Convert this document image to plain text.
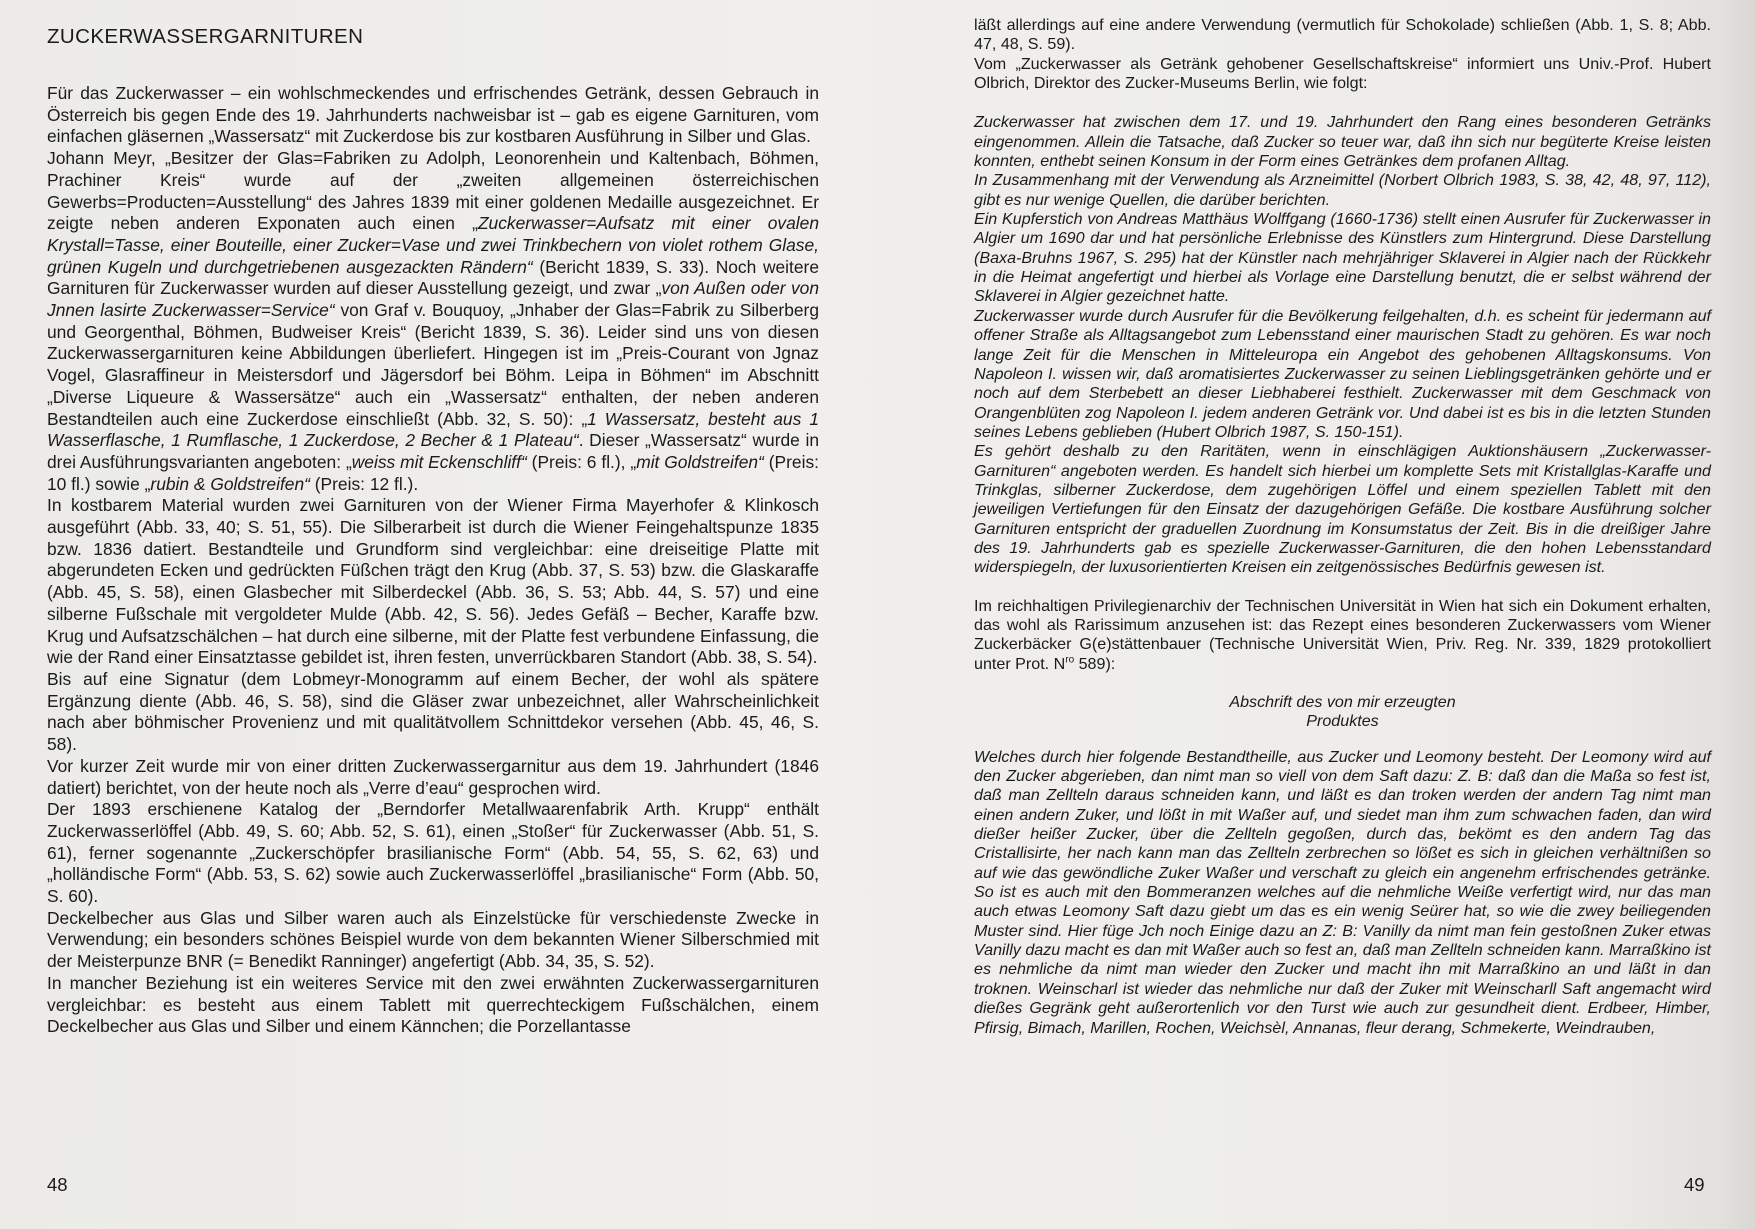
ZUCKERWASSERGARNITUREN

Für das Zuckerwasser – ein wohlschmeckendes und erfrischendes Getränk, dessen Gebrauch in Österreich bis gegen Ende des 19. Jahrhunderts nachweisbar ist – gab es eigene Garnituren, vom einfachen gläsernen „Wassersatz“ mit Zuckerdose bis zur kostbaren Ausführung in Silber und Glas.

Johann Meyr, „Besitzer der Glas=Fabriken zu Adolph, Leonorenhein und Kaltenbach, Böhmen, Prachiner Kreis“ wurde auf der „zweiten allgemeinen österreichischen Gewerbs=Producten=Ausstellung“ des Jahres 1839 mit einer goldenen Medaille ausgezeichnet. Er zeigte neben anderen Exponaten auch einen „Zuckerwasser=Aufsatz mit einer ovalen Krystall=Tasse, einer Bouteille, einer Zucker=Vase und zwei Trinkbechern von violet rothem Glase, grünen Kugeln und durchgetriebenen ausgezackten Rändern“ (Bericht 1839, S. 33). Noch weitere Garnituren für Zuckerwasser wurden auf dieser Ausstellung gezeigt, und zwar „von Außen oder von Jnnen lasirte Zuckerwasser=Service“ von Graf v. Bouquoy, „Jnhaber der Glas=Fabrik zu Silberberg und Georgenthal, Böhmen, Budweiser Kreis“ (Bericht 1839, S. 36). Leider sind uns von diesen Zuckerwassergarnituren keine Abbildungen überliefert. Hingegen ist im „Preis-Courant von Jgnaz Vogel, Glasraffineur in Meistersdorf und Jägersdorf bei Böhm. Leipa in Böhmen“ im Abschnitt „Diverse Liqueure & Wassersätze“ auch ein „Wassersatz“ enthalten, der neben anderen Bestandteilen auch eine Zuckerdose einschließt (Abb. 32, S. 50): „1 Wassersatz, besteht aus 1 Wasserflasche, 1 Rumflasche, 1 Zuckerdose, 2 Becher & 1 Plateau“. Dieser „Wassersatz“ wurde in drei Ausführungsvarianten angeboten: „weiss mit Eckenschliff“ (Preis: 6 fl.), „mit Goldstreifen“ (Preis: 10 fl.) sowie „rubin & Goldstreifen“ (Preis: 12 fl.).

In kostbarem Material wurden zwei Garnituren von der Wiener Firma Mayerhofer & Klinkosch ausgeführt (Abb. 33, 40; S. 51, 55). Die Silberarbeit ist durch die Wiener Feingehaltspunze 1835 bzw. 1836 datiert. Bestandteile und Grundform sind vergleichbar: eine dreiseitige Platte mit abgerundeten Ecken und gedrückten Füßchen trägt den Krug (Abb. 37, S. 53) bzw. die Glaskaraffe (Abb. 45, S. 58), einen Glasbecher mit Silberdeckel (Abb. 36, S. 53; Abb. 44, S. 57) und eine silberne Fußschale mit vergoldeter Mulde (Abb. 42, S. 56). Jedes Gefäß – Becher, Karaffe bzw. Krug und Aufsatzschälchen – hat durch eine silberne, mit der Platte fest verbundene Einfassung, die wie der Rand einer Einsatztasse gebildet ist, ihren festen, unverrückbaren Standort (Abb. 38, S. 54).

Bis auf eine Signatur (dem Lobmeyr-Monogramm auf einem Becher, der wohl als spätere Ergänzung diente (Abb. 46, S. 58), sind die Gläser zwar unbezeichnet, aller Wahrscheinlichkeit nach aber böhmischer Provenienz und mit qualitätvollem Schnittdekor versehen (Abb. 45, 46, S. 58).

Vor kurzer Zeit wurde mir von einer dritten Zuckerwassergarnitur aus dem 19. Jahrhundert (1846 datiert) berichtet, von der heute noch als „Verre d’eau“ gesprochen wird.

Der 1893 erschienene Katalog der „Berndorfer Metallwaarenfabrik Arth. Krupp“ enthält Zuckerwasserlöffel (Abb. 49, S. 60; Abb. 52, S. 61), einen „Stoßer“ für Zuckerwasser (Abb. 51, S. 61), ferner sogenannte „Zuckerschöpfer brasilianische Form“ (Abb. 54, 55, S. 62, 63) und „holländische Form“ (Abb. 53, S. 62) sowie auch Zuckerwasserlöffel „brasilianische“ Form (Abb. 50, S. 60).

Deckelbecher aus Glas und Silber waren auch als Einzelstücke für verschiedenste Zwecke in Verwendung; ein besonders schönes Beispiel wurde von dem bekannten Wiener Silberschmied mit der Meisterpunze BNR (= Benedikt Ranninger) angefertigt (Abb. 34, 35, S. 52).

In mancher Beziehung ist ein weiteres Service mit den zwei erwähnten Zuckerwassergarnituren vergleichbar: es besteht aus einem Tablett mit querrechteckigem Fußschälchen, einem Deckelbecher aus Glas und Silber und einem Kännchen; die Porzellantasse

läßt allerdings auf eine andere Verwendung (vermutlich für Schokolade) schließen (Abb. 1, S. 8; Abb. 47, 48, S. 59).

Vom „Zuckerwasser als Getränk gehobener Gesellschaftskreise“ informiert uns Univ.-Prof. Hubert Olbrich, Direktor des Zucker-Museums Berlin, wie folgt:

Zuckerwasser hat zwischen dem 17. und 19. Jahrhundert den Rang eines besonderen Getränks eingenommen. Allein die Tatsache, daß Zucker so teuer war, daß ihn sich nur begüterte Kreise leisten konnten, enthebt seinen Konsum in der Form eines Getränkes dem profanen Alltag.

In Zusammenhang mit der Verwendung als Arzneimittel (Norbert Olbrich 1983, S. 38, 42, 48, 97, 112), gibt es nur wenige Quellen, die darüber berichten.

Ein Kupferstich von Andreas Matthäus Wolffgang (1660-1736) stellt einen Ausrufer für Zuckerwasser in Algier um 1690 dar und hat persönliche Erlebnisse des Künstlers zum Hintergrund. Diese Darstellung (Baxa-Bruhns 1967, S. 295) hat der Künstler nach mehrjähriger Sklaverei in Algier nach der Rückkehr in die Heimat angefertigt und hierbei als Vorlage eine Darstellung benutzt, die er selbst während der Sklaverei in Algier gezeichnet hatte.

Zuckerwasser wurde durch Ausrufer für die Bevölkerung feilgehalten, d.h. es scheint für jedermann auf offener Straße als Alltagsangebot zum Lebensstand einer maurischen Stadt zu gehören. Es war noch lange Zeit für die Menschen in Mitteleuropa ein Angebot des gehobenen Alltagskonsums. Von Napoleon I. wissen wir, daß aromatisiertes Zuckerwasser zu seinen Lieblingsgetränken gehörte und er noch auf dem Sterbebett an dieser Liebhaberei festhielt. Zuckerwasser mit dem Geschmack von Orangenblüten zog Napoleon I. jedem anderen Getränk vor. Und dabei ist es bis in die letzten Stunden seines Lebens geblieben (Hubert Olbrich 1987, S. 150-151).

Es gehört deshalb zu den Raritäten, wenn in einschlägigen Auktionshäusern „Zuckerwasser-Garnituren“ angeboten werden. Es handelt sich hierbei um komplette Sets mit Kristallglas-Karaffe und Trinkglas, silberner Zuckerdose, dem zugehörigen Löffel und einem speziellen Tablett mit den jeweiligen Vertiefungen für den Einsatz der dazugehörigen Gefäße. Die kostbare Ausführung solcher Garnituren entspricht der graduellen Zuordnung im Konsumstatus der Zeit. Bis in die dreißiger Jahre des 19. Jahrhunderts gab es spezielle Zuckerwasser-Garnituren, die den hohen Lebensstandard widerspiegeln, der luxusorientierten Kreisen ein zeitgenössisches Bedürfnis gewesen ist.

Im reichhaltigen Privilegienarchiv der Technischen Universität in Wien hat sich ein Dokument erhalten, das wohl als Rarissimum anzusehen ist: das Rezept eines besonderen Zuckerwassers vom Wiener Zuckerbäcker G(e)stättenbauer (Technische Universität Wien, Priv. Reg. Nr. 339, 1829 protokolliert unter Prot. $N^{ro}$ 589):

Abschrift des von mir erzeugten

Produktes

Welches durch hier folgende Bestandtheille, aus Zucker und Leomony besteht. Der Leomony wird auf den Zucker abgerieben, dan nimt man so viell von dem Saft dazu: Z. B: daß dan die Maßa so fest ist, daß man Zellteln daraus schneiden kann, und läßt es dan troken werden der andern Tag nimt man einen andern Zuker, und lößt in mit Waßer auf, und siedet man ihm zum schwachen faden, dan wird dießer heißer Zucker, über die Zellteln gegoßen, durch das, bekömt es den andern Tag das Cristallisirte, her nach kann man das Zellteln zerbrechen so lößet es sich in gleichen verhältnißen so auf wie das gewöndliche Zuker Waßer und verschaft zu gleich ein angenehm erfrischendes getränke. So ist es auch mit den Bommeranzen welches auf die nehmliche Weiße verfertigt wird, nur das man auch etwas Leomony Saft dazu giebt um das es ein wenig Seürer hat, so wie die zwey beiliegenden Muster sind. Hier füge Jch noch Einige dazu an Z: B: Vanilly da nimt man fein gestoßnen Zuker etwas Vanilly dazu macht es dan mit Waßer auch so fest an, daß man Zellteln schneiden kann. Marraßkino ist es nehmliche da nimt man wieder den Zucker und macht ihn mit Marraßkino an und läßt in dan troknen. Weinscharl ist wieder das nehmliche nur daß der Zuker mit Weinscharll Saft angemacht wird dießes Gegränk geht außerortenlich vor den Turst wie auch zur gesundheit dient. Erdbeer, Himber, Pfirsig, Bimach, Marillen, Rochen, Weichsèl, Annanas, fleur derang, Schmekerte, Weindrauben,

48	49
